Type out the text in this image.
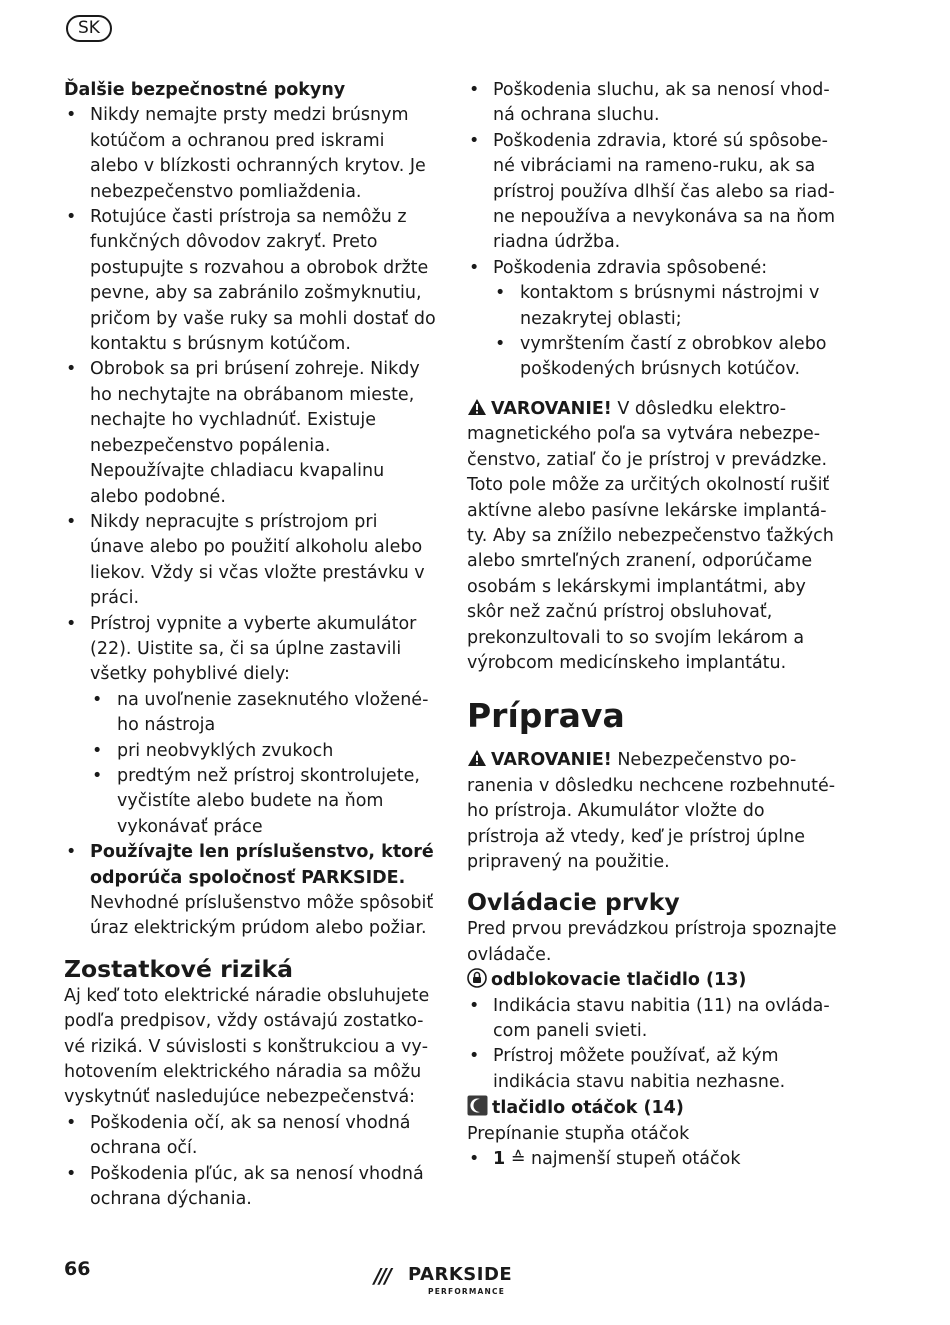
SK

Ďalšie bezpečnostné pokyny

• Nikdy nemajte prsty medzi brúsnym kotúčom a ochranou pred iskrami alebo v blízkosti ochranných krytov. Je nebezpečenstvo pomliaždenia.
• Rotujúce časti prístroja sa nemôžu z funkčných dôvodov zakryť. Preto postupujte s rozvahou a obrobok držte pevne, aby sa zabránilo zošmyknutiu, pričom by vaše ruky sa mohli dostať do kontaktu s brúsnym kotúčom.
• Obrobok sa pri brúsení zohreje. Nikdy ho nechytajte na obrábanom mieste, nechajte ho vychladnúť. Existuje nebezpečenstvo popálenia. Nepoužívajte chladiacu kvapalinu alebo podobné.
• Nikdy nepracujte s prístrojom pri únave alebo po použití alkoholu alebo liekov. Vždy si včas vložte prestávku v práci.
• Prístroj vypnite a vyberte akumulátor (22). Uistite sa, či sa úplne zastavili všetky pohyblivé diely:
• na uvoľnenie zaseknutého vloženého nástroja
• pri neobvyklých zvukoch
• predtým než prístroj skontrolujete, vyčistíte alebo budete na ňom vykonávať práce
• Používajte len príslušenstvo, ktoré odporúča spoločnosť PARKSIDE. Nevhodné príslušenstvo môže spôsobiť úraz elektrickým prúdom alebo požiar.
Zostatkové riziká

Aj keď toto elektrické náradie obsluhujete podľa predpisov, vždy ostávajú zostatkové riziká. V súvislosti s konštrukciou a vyhotovením elektrického náradia sa môžu vyskytnúť nasledujúce nebezpečenstvá:

• Poškodenia očí, ak sa nenosí vhodná ochrana očí.
• Poškodenia pľúc, ak sa nenosí vhodná ochrana dýchania.
• Poškodenia sluchu, ak sa nenosí vhodná ochrana sluchu.
• Poškodenia zdravia, ktoré sú spôsobené vibráciami na rameno-ruku, ak sa prístroj používa dlhší čas alebo sa riadne nepoužíva a nevykonáva sa na ňom riadna údržba.
• Poškodenia zdravia spôsobené:
• kontaktom s brúsnymi nástrojmi v nezakrytej oblasti;
• vymrštením častí z obrobkov alebo poškodených brúsnych kotúčov.

VAROVANIE! V dôsledku elektromagnetického poľa sa vytvára nebezpečenstvo, zatiaľ čo je prístroj v prevádzke. Toto pole môže za určitých okolností rušiť aktívne alebo pasívne lekárske implantáty. Aby sa znížilo nebezpečenstvo ťažkých alebo smrteľných zranení, odporúčame osobám s lekárskymi implantátmi, aby skôr než začnú prístroj obsluhovať, prekonzultovali to so svojím lekárom a výrobcom medicínskeho implantátu.

Príprava

VAROVANIE! Nebezpečenstvo poranenia v dôsledku nechcene rozbehnutého prístroja. Akumulátor vložte do prístroja až vtedy, keď je prístroj úplne pripravený na použitie.

Ovládacie prvky

Pred prvou prevádzkou prístroja spoznajte ovládače.

odblokovacie tlačidlo (13)

• Indikácia stavu nabitia (11) na ovládacom paneli svieti.
• Prístroj môžete používať, až kým indikácia stavu nabitia nezhasne.

tlačidlo otáčok (14)

Prepínanie stupňa otáčok

• 1 ≙ najmenší stupeň otáčok
66	/// PARKSIDE
PERFORMANCE
